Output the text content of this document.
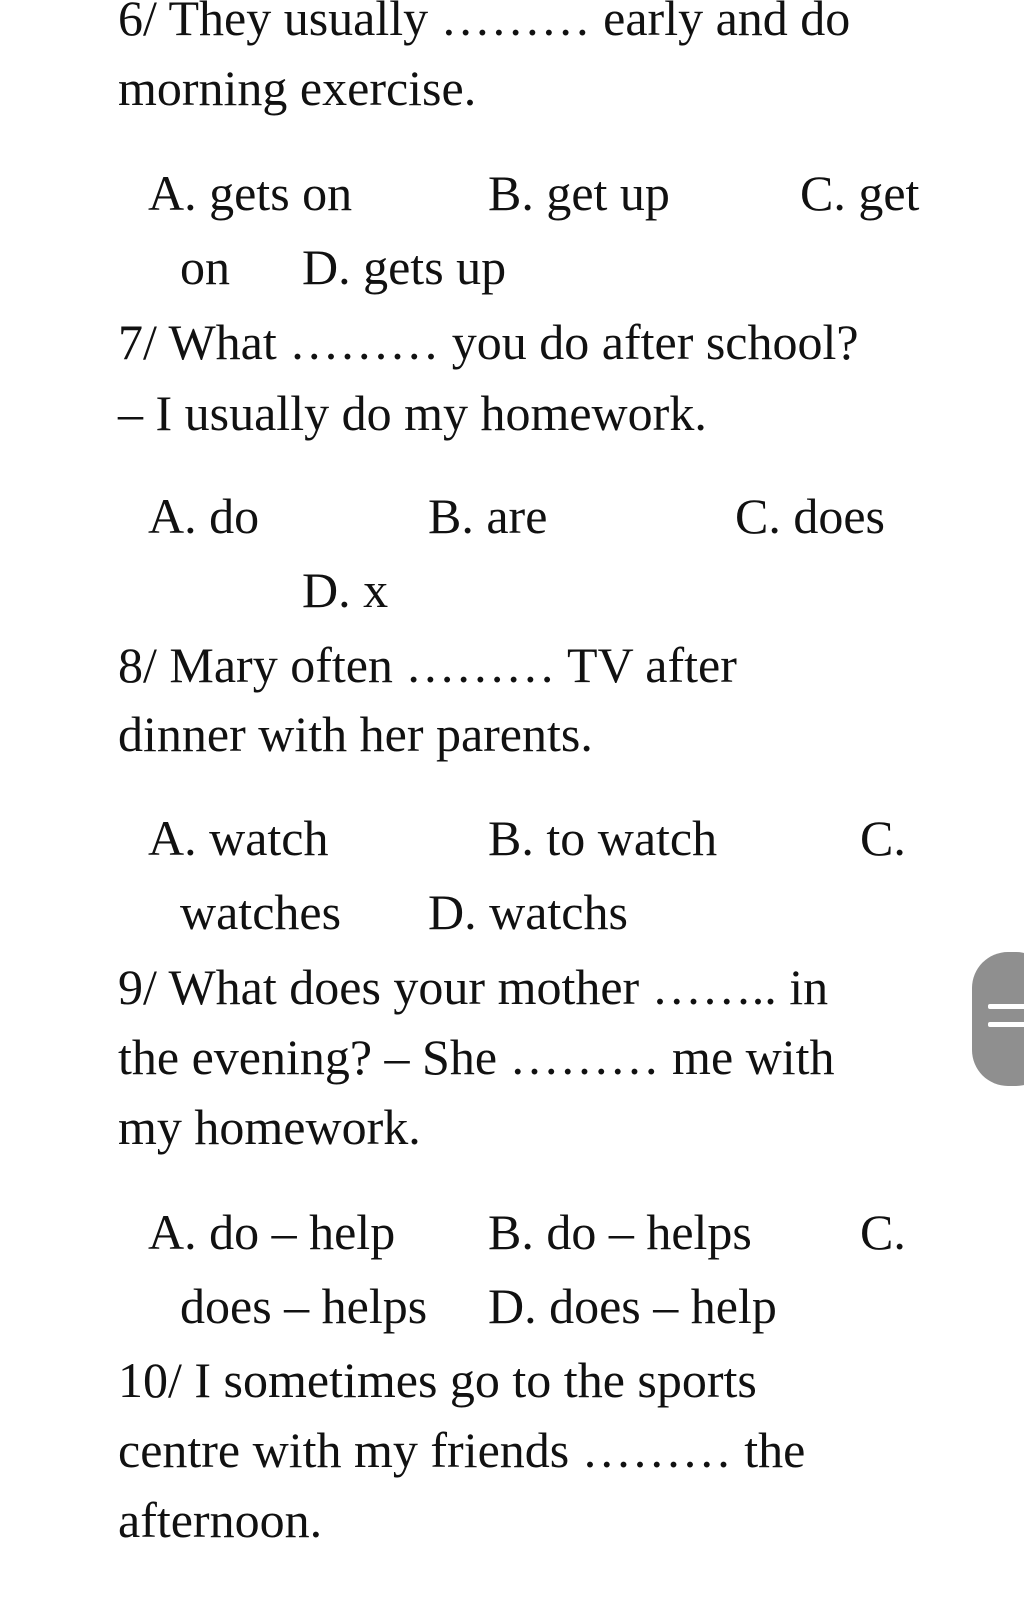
6/ They usually ……… early and do
morning exercise.
A. gets on	B. get up	C. get
on D. gets up
7/ What ……… you do after school?
– I usually do my homework.
A. do	B. are	C. does
D. x
8/ Mary often ……… TV after
dinner with her parents.
A. watch	B. to watch	C.
watches D. watchs
9/ What does your mother …….. in
the evening? – She ……… me with
my homework.
A. do – help B. do – helps C.
does – helps D. does – help
10/ I sometimes go to the sports
centre with my friends ……… the
afternoon.
